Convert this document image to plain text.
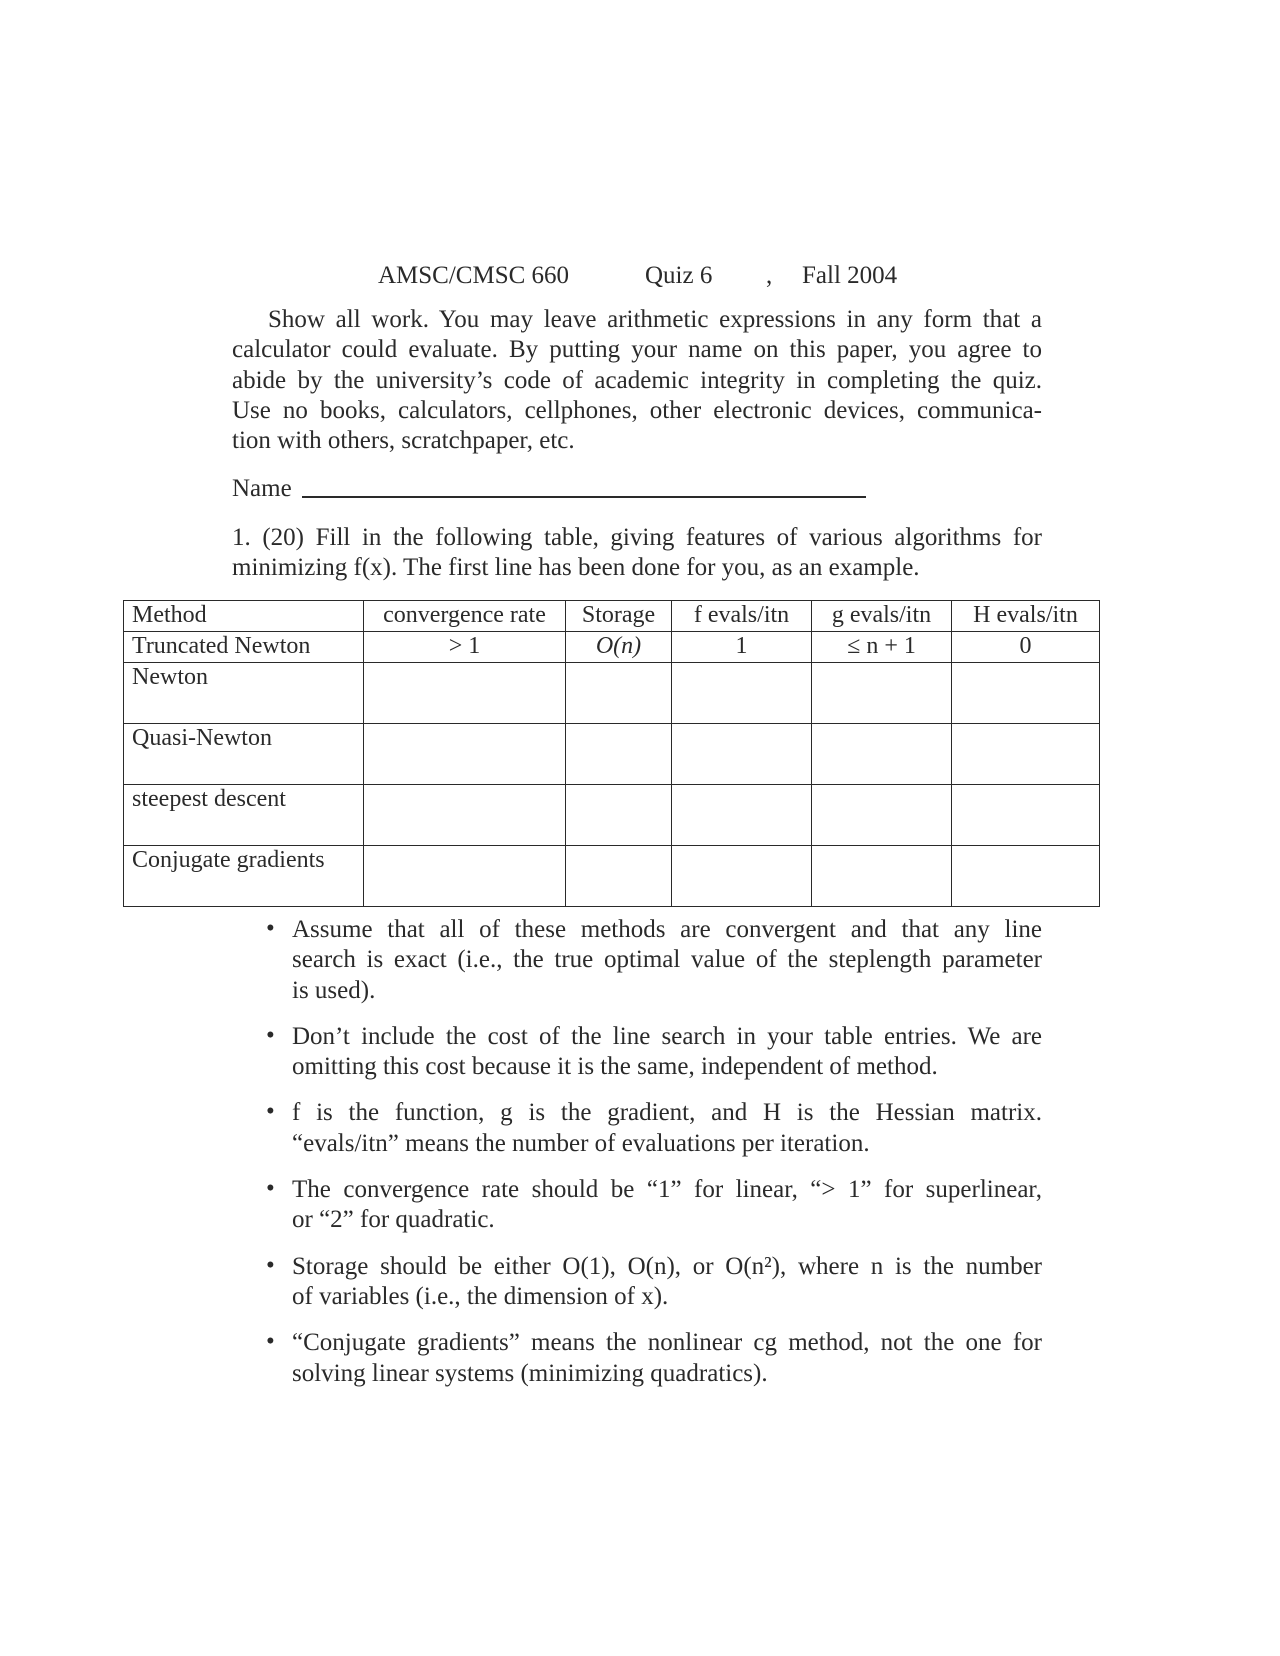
AMSC/CMSC 660	Quiz 6 , Fall 2004
Show all work. You may leave arithmetic expressions in any form that a
calculator could evaluate. By putting your name on this paper, you agree to
abide by the university’s code of academic integrity in completing the quiz.
Use no books, calculators, cellphones, other electronic devices, communica-
tion with others, scratchpaper, etc.
Name
1. (20) Fill in the following table, giving features of various algorithms for
minimizing f(x). The first line has been done for you, as an example.
Method	convergence rate	Storage	f evals/itn	g evals/itn	H evals/itn
Truncated Newton	> 1	O(n)	1	≤ n + 1	0
Newton					
Quasi-Newton					
steepest descent					
Conjugate gradients					
• Assume that all of these methods are convergent and that any line
search is exact (i.e., the true optimal value of the steplength parameter
is used).
• Don’t include the cost of the line search in your table entries. We are
omitting this cost because it is the same, independent of method.
• f is the function, g is the gradient, and H is the Hessian matrix.
“evals/itn” means the number of evaluations per iteration.
• The convergence rate should be “1” for linear, “> 1” for superlinear,
or “2” for quadratic.
• Storage should be either O(1), O(n), or O(n²), where n is the number
of variables (i.e., the dimension of x).
• “Conjugate gradients” means the nonlinear cg method, not the one for
solving linear systems (minimizing quadratics).
